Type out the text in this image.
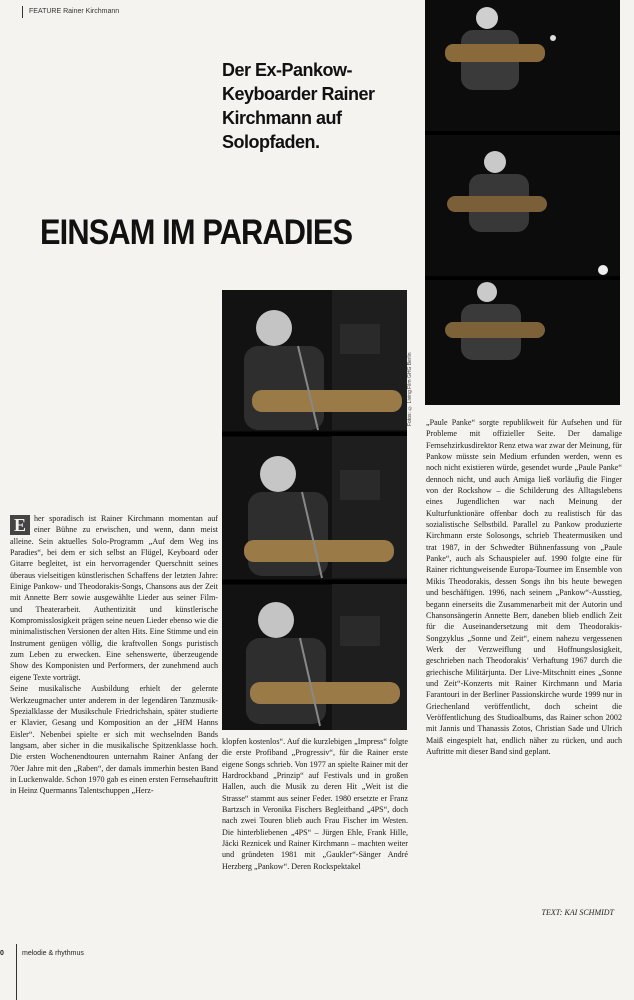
FEATURE Rainer Kirchmann
Der Ex-Pankow-Keyboarder Rainer Kirchmann auf Solopfaden.
EINSAM IM PARADIES
Fotos: © Living Film GHG Berlin
E her sporadisch ist Rainer Kirchmann momentan auf einer Bühne zu erwischen, und wenn, dann meist alleine. Sein aktuelles Solo-Programm „Auf dem Weg ins Paradies“, bei dem er sich selbst an Flügel, Keyboard oder Gitarre begleitet, ist ein hervorragender Querschnitt seines überaus vielseitigen künstlerischen Schaffens der letzten Jahre: Einige Pankow- und Theodorakis-Songs, Chansons aus der Zeit mit Annette Berr sowie ausgewählte Lieder aus seiner Film- und Theaterarbeit. Authentizität und künstlerische Kompromisslosigkeit prägen seine neuen Lieder ebenso wie die minimalistischen Versionen der alten Hits. Eine Stimme und ein Instrument genügen völlig, die kraftvollen Songs puristisch zum Leben zu erwecken. Eine sehenswerte, überzeugende Show des Komponisten und Performers, der zunehmend auch eigene Texte vorträgt.

Seine musikalische Ausbildung erhielt der gelernte Werkzeugmacher unter anderem in der legendären Tanzmusik-Spezialklasse der Musikschule Friedrichshain, später studierte er Klavier, Gesang und Komposition an der „HfM Hanns Eisler“. Nebenbei spielte er sich mit wechselnden Bands langsam, aber sicher in die musikalische Spitzenklasse hoch. Die ersten Wochenendtouren unternahm Rainer Anfang der 70er Jahre mit den „Raben“, der damals immerhin besten Band in Luckenwalde. Schon 1970 gab es einen ersten Fernsehauftritt in Heinz Quermanns Talentschuppen „Herz-

klopfen kostenlos“. Auf die kurzlebigen „Impress“ folgte die erste Profiband „Progressiv“, für die Rainer erste eigene Songs schrieb. Von 1977 an spielte Rainer mit der Hardrockband „Prinzip“ auf Festivals und in großen Hallen, auch die Musik zu deren Hit „Weit ist die Strasse“ stammt aus seiner Feder. 1980 ersetzte er Franz Bartzsch in Veronika Fischers Begleitband „4PS“, doch nach zwei Touren blieb auch Frau Fischer im Westen. Die hinterbliebenen „4PS“ – Jürgen Ehle, Frank Hille, Jäcki Reznicek und Rainer Kirchmann – machten weiter und gründeten 1981 mit „Gaukler“-Sänger André Herzberg „Pankow“. Deren Rockspektakel

„Paule Panke“ sorgte republikweit für Aufsehen und für Probleme mit offizieller Seite. Der damalige Fernsehzirkusdirektor Renz etwa war zwar der Meinung, für Pankow müsste sein Medium erfunden werden, wenn es noch nicht existieren würde, gesendet wurde „Paule Panke“ dennoch nicht, und auch Amiga ließ vorläufig die Finger von der Rockshow – die Schilderung des Alltagslebens eines Jugendlichen war nach Meinung der Kulturfunktionäre offenbar doch zu realistisch für das sozialistische Selbstbild. Parallel zu Pankow produzierte Kirchmann erste Solosongs, schrieb Theatermusiken und trat 1987, in der Schwedter Bühnenfassung von „Paule Panke“, auch als Schauspieler auf. 1990 folgte eine für Rainer richtungweisende Europa-Tournee im Ensemble von Mikis Theodorakis, dessen Songs ihn bis heute bewegen und beschäftigen. 1996, nach seinem „Pankow“-Ausstieg, begann einerseits die Zusammenarbeit mit der Autorin und Chansonsängerin Annette Berr, daneben blieb endlich Zeit für die Auseinandersetzung mit dem Theodorakis-Songzyklus „Sonne und Zeit“, einem nahezu vergessenen Werk der Verzweiflung und Hoffnungslosigkeit, geschrieben nach Theodorakis‘ Verhaftung 1967 durch die griechische Militärjunta. Der Live-Mitschnitt eines „Sonne und Zeit“-Konzerts mit Rainer Kirchmann und Maria Farantouri in der Berliner Passionskirche wurde 1999 nur in Griechenland veröffentlicht, doch scheint die Veröffentlichung des Studioalbums, das Rainer schon 2002 mit Jannis und Thanassis Zotos, Christian Sade und Ulrich Maiß eingespielt hat, endlich näher zu rücken, und auch Auftritte mit dieser Band sind geplant.

TEXT: KAI SCHMIDT
0	melodie & rhythmus
